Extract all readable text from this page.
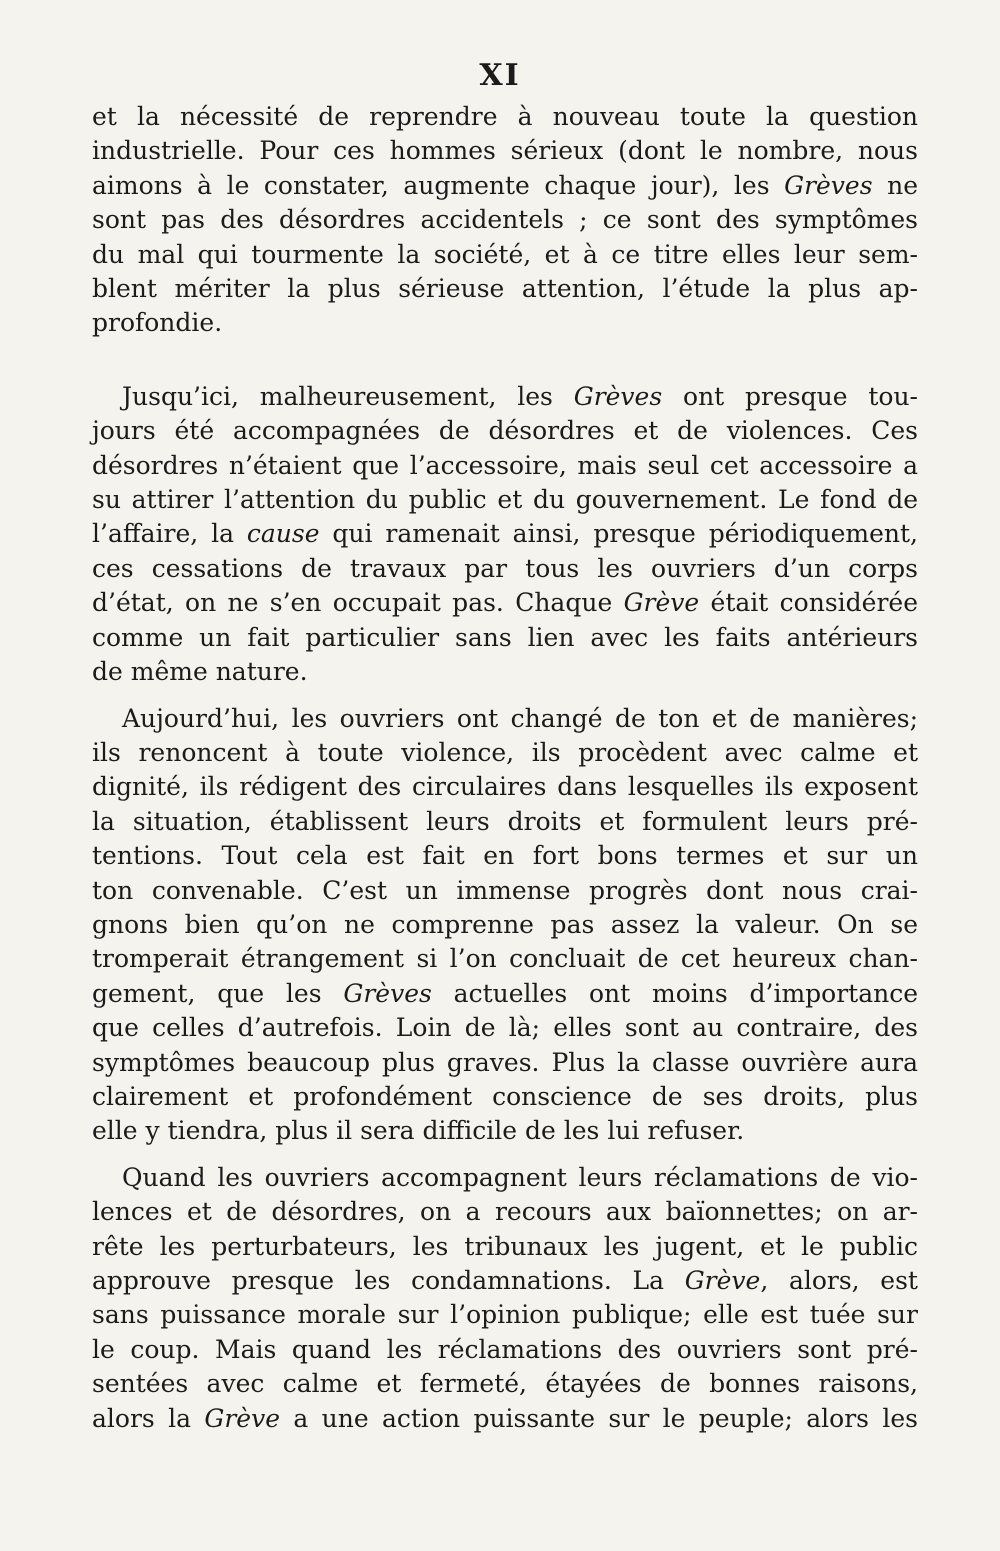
XI

et la nécessité de reprendre à nouveau toute la question
industrielle. Pour ces hommes sérieux (dont le nombre, nous
aimons à le constater, augmente chaque jour), les Grèves ne
sont pas des désordres accidentels ; ce sont des symptômes
du mal qui tourmente la société, et à ce titre elles leur sem-
blent mériter la plus sérieuse attention, l’étude la plus ap-
profondie.

Jusqu’ici, malheureusement, les Grèves ont presque tou-
jours été accompagnées de désordres et de violences. Ces
désordres n’étaient que l’accessoire, mais seul cet accessoire a
su attirer l’attention du public et du gouvernement. Le fond de
l’affaire, la cause qui ramenait ainsi, presque périodiquement,
ces cessations de travaux par tous les ouvriers d’un corps
d’état, on ne s’en occupait pas. Chaque Grève était considérée
comme un fait particulier sans lien avec les faits antérieurs
de même nature.

Aujourd’hui, les ouvriers ont changé de ton et de manières;
ils renoncent à toute violence, ils procèdent avec calme et
dignité, ils rédigent des circulaires dans lesquelles ils exposent
la situation, établissent leurs droits et formulent leurs pré-
tentions. Tout cela est fait en fort bons termes et sur un
ton convenable. C’est un immense progrès dont nous crai-
gnons bien qu’on ne comprenne pas assez la valeur. On se
tromperait étrangement si l’on concluait de cet heureux chan-
gement, que les Grèves actuelles ont moins d’importance
que celles d’autrefois. Loin de là; elles sont au contraire, des
symptômes beaucoup plus graves. Plus la classe ouvrière aura
clairement et profondément conscience de ses droits, plus
elle y tiendra, plus il sera difficile de les lui refuser.

Quand les ouvriers accompagnent leurs réclamations de vio-
lences et de désordres, on a recours aux baïonnettes; on ar-
rête les perturbateurs, les tribunaux les jugent, et le public
approuve presque les condamnations. La Grève, alors, est
sans puissance morale sur l’opinion publique; elle est tuée sur
le coup. Mais quand les réclamations des ouvriers sont pré-
sentées avec calme et fermeté, étayées de bonnes raisons,
alors la Grève a une action puissante sur le peuple; alors les
